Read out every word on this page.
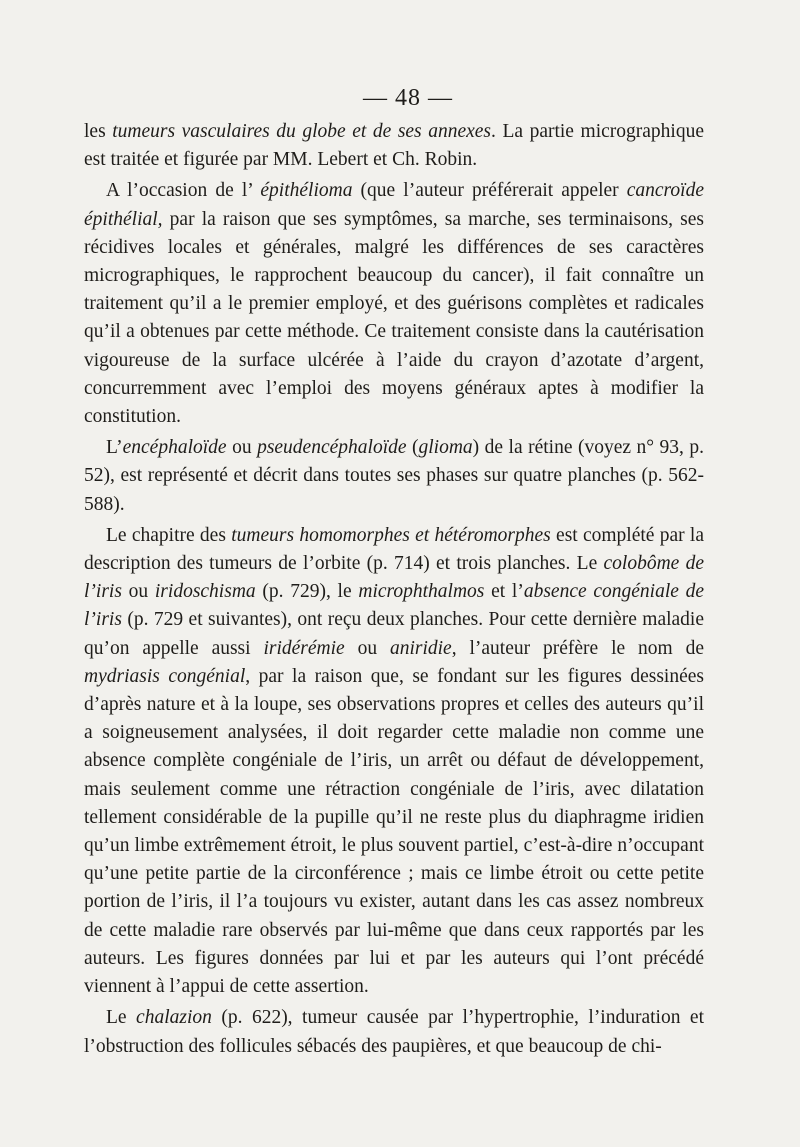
— 48 —

les tumeurs vasculaires du globe et de ses annexes. La partie micrographique est traitée et figurée par MM. Lebert et Ch. Robin.

A l’occasion de l’ épithélioma (que l’auteur préférerait appeler cancroïde épithélial, par la raison que ses symptômes, sa marche, ses terminaisons, ses récidives locales et générales, malgré les différences de ses caractères micrographiques, le rapprochent beaucoup du cancer), il fait connaître un traitement qu’il a le premier employé, et des guérisons complètes et radicales qu’il a obtenues par cette méthode. Ce traitement consiste dans la cautérisation vigoureuse de la surface ulcérée à l’aide du crayon d’azotate d’argent, concurremment avec l’emploi des moyens généraux aptes à modifier la constitution.

L’encéphaloïde ou pseudencéphaloïde (glioma) de la rétine (voyez n° 93, p. 52), est représenté et décrit dans toutes ses phases sur quatre planches (p. 562-588).

Le chapitre des tumeurs homomorphes et hétéromorphes est complété par la description des tumeurs de l’orbite (p. 714) et trois planches. Le colobôme de l’iris ou iridoschisma (p. 729), le microphthalmos et l’absence congéniale de l’iris (p. 729 et suivantes), ont reçu deux planches. Pour cette dernière maladie qu’on appelle aussi iridérémie ou aniridie, l’auteur préfère le nom de mydriasis congénial, par la raison que, se fondant sur les figures dessinées d’après nature et à la loupe, ses observations propres et celles des auteurs qu’il a soigneusement analysées, il doit regarder cette maladie non comme une absence complète congéniale de l’iris, un arrêt ou défaut de développement, mais seulement comme une rétraction congéniale de l’iris, avec dilatation tellement considérable de la pupille qu’il ne reste plus du diaphragme iridien qu’un limbe extrêmement étroit, le plus souvent partiel, c’est-à-dire n’occupant qu’une petite partie de la circonférence ; mais ce limbe étroit ou cette petite portion de l’iris, il l’a toujours vu exister, autant dans les cas assez nombreux de cette maladie rare observés par lui-même que dans ceux rapportés par les auteurs. Les figures données par lui et par les auteurs qui l’ont précédé viennent à l’appui de cette assertion.

Le chalazion (p. 622), tumeur causée par l’hypertrophie, l’induration et l’obstruction des follicules sébacés des paupières, et que beaucoup de chi-
